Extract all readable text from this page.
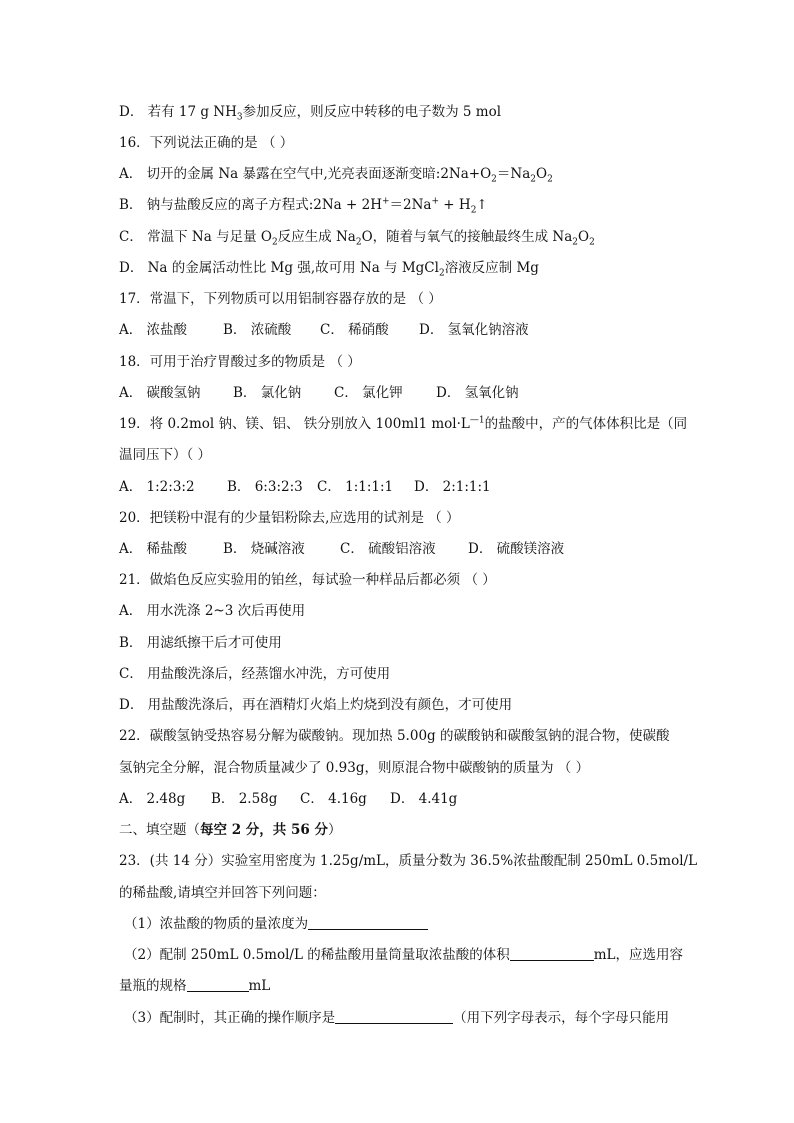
D． 若有 17 g $NH_3$参加反应，则反应中转移的电子数为 5 mol
16．下列说法正确的是 （ ）
A． 切开的金属 Na 暴露在空气中,光亮表面逐渐变暗$:2Na+O_2=Na_2O_2$
B． 钠与盐酸反应的离子方程式:2Na + $2H^+=2Na^+ + H_2↑$
C． 常温下 Na 与足量 $O_2$反应生成 $Na_2O$，随着与氧气的接触最终生成 $Na_2O_2$
D． Na 的金属活动性比 Mg 强,故可用 Na 与 MgCl$_2$溶液反应制 Mg
17．常温下，下列物质可以用铝制容器存放的是 （ ）
A． 浓盐酸	B． 浓硫酸 C． 稀硝酸 D． 氢氧化钠溶液
18．可用于治疗胃酸过多的物质是 （ ）
A． 碳酸氢钠 B． 氯化钠 C． 氯化钾 D． 氢氧化钠
19．将 0.2mol 钠、镁、铝、 铁分别放入 100ml1 $mol\cdot L^{—1}$的盐酸中，产的气体体积比是（同
温同压下）（ ）
A． 1:2:3:2 B． 6:3:2:3 C． 1:1:1:1 D． 2:1:1:1
20．把镁粉中混有的少量铝粉除去,应选用的试剂是 （ ）
A． 稀盐酸	B． 烧碱溶液	C． 硫酸铝溶液 D． 硫酸镁溶液
21．做焰色反应实验用的铂丝，每试验一种样品后都必须 （ ）
A． 用水洗涤 2~3 次后再使用
B． 用滤纸擦干后才可使用
C． 用盐酸洗涤后，经蒸馏水冲洗，方可使用
D． 用盐酸洗涤后，再在酒精灯火焰上灼烧到没有颜色，才可使用
22．碳酸氢钠受热容易分解为碳酸钠。现加热 5.00g 的碳酸钠和碳酸氢钠的混合物，使碳酸
氢钠完全分解，混合物质量减少了 0.93g，则原混合物中碳酸钠的质量为 （ ）
A． 2.48g B． 2.58g C． 4.16g D． 4.41g
二、填空题（每空 2 分，共 56 分）
23．(共 14 分）实验室用密度为 1.25g/mL，质量分数为 36.5%浓盐酸配制 250mL 0.5mol/L
的稀盐酸,请填空并回答下列问题：
（1）浓盐酸的物质的量浓度为
（2）配制 250mL 0.5mol/L 的稀盐酸用量筒量取浓盐酸的体积	mL，应选用容
量瓶的规格	mL
（3）配制时，其正确的操作顺序是	（用下列字母表示，每个字母只能用
